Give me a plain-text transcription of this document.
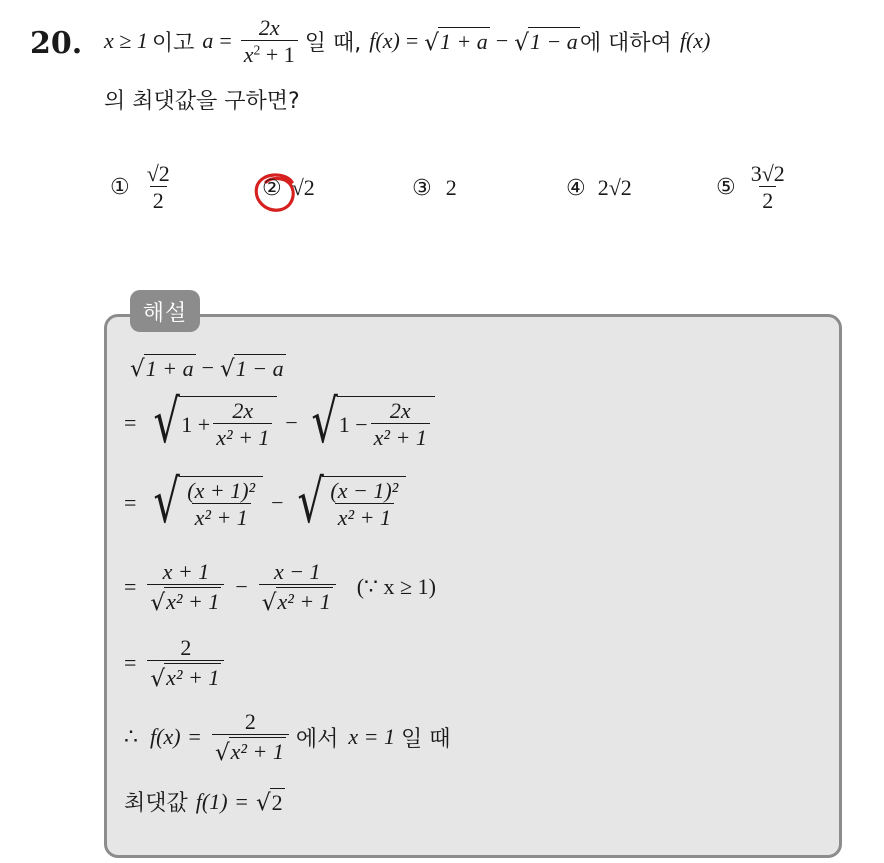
20. x ≥ 1 이고 $a = \frac{2x}{x^2 + 1}$ 일 때, f(x) = √ 1 + a − √ 1 − a 에 대하여 f(x)
의 최댓값을 구하면?
① $\frac{√2}{2}$	② √2	③ 2	④ 2√2	⑤ $\frac{3√2}{2}$
해설
√ 1 + a − √ 1 − a
= √ $1 + \frac{2x}{\text{x² + 1}}$ − √ $1 - \frac{2x}{\text{x² + 1}}$
= √ $\frac{\text{(x + 1)²}}{\text{x² + 1}}$ − √ $\frac{\text{(x − 1)²}}{\text{x² + 1}}$
= $\frac{x + 1}{\text{√ x² + 1}} - \frac{x - 1}{\text{√ x² + 1}}$ (∵ x ≥ 1)
= $\frac{2}{\text{√ x² + 1}}$
∴ $f(x) = \frac{2}{\text{√ x² + 1}}$ 에서 x = 1 일 때
최댓값 f(1) = √ 2
